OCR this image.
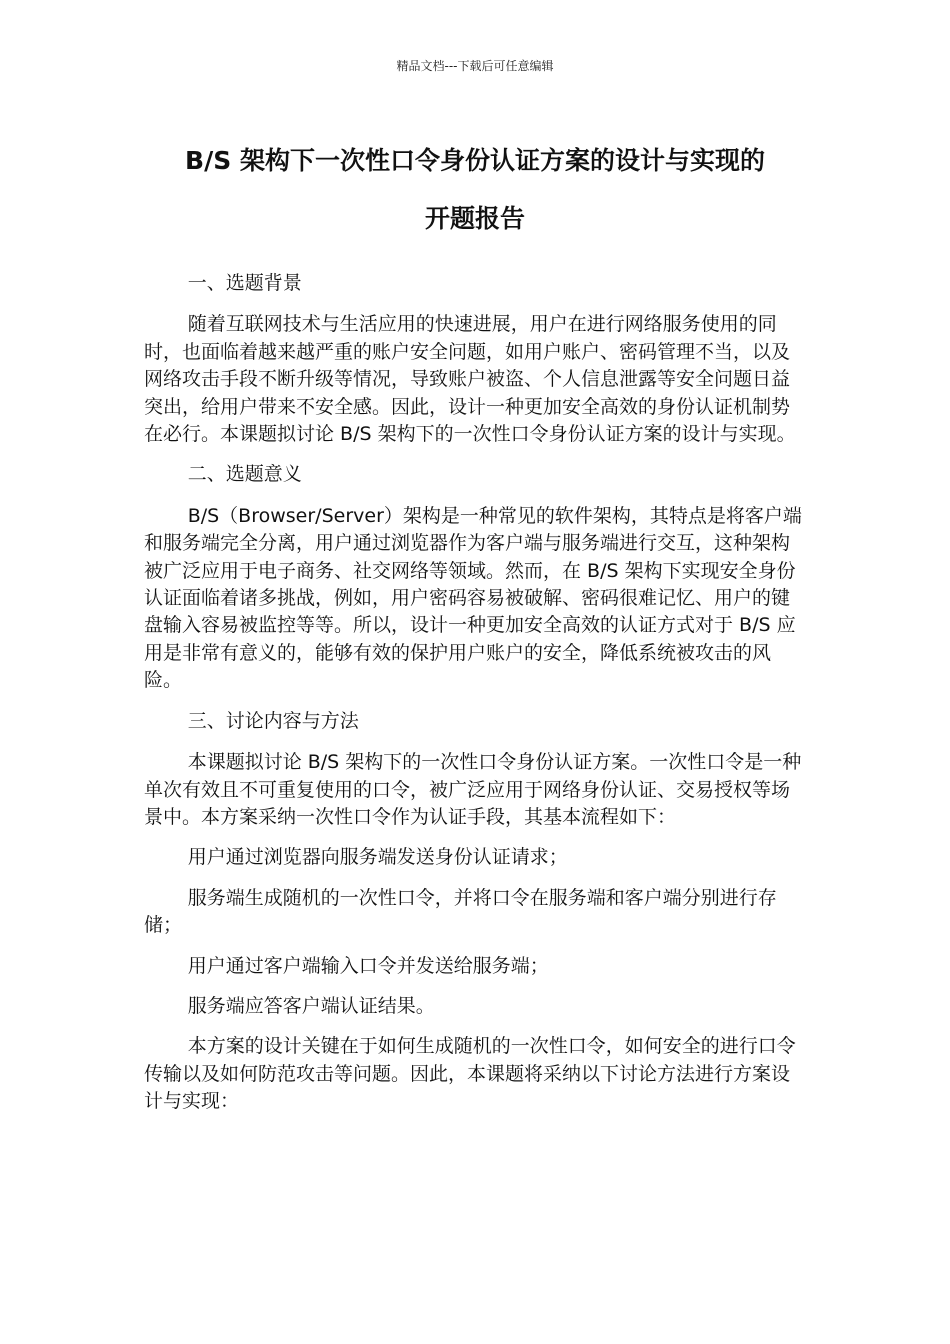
精品文档---下载后可任意编辑
B/S 架构下一次性口令身份认证方案的设计与实现的
开题报告

一、选题背景

随着互联网技术与生活应用的快速进展，用户在进行网络服务使用的同时，也面临着越来越严重的账户安全问题，如用户账户、密码管理不当，以及网络攻击手段不断升级等情况，导致账户被盗、个人信息泄露等安全问题日益突出，给用户带来不安全感。因此，设计一种更加安全高效的身份认证机制势在必行。本课题拟讨论 B/S 架构下的一次性口令身份认证方案的设计与实现。

二、选题意义

B/S（Browser/Server）架构是一种常见的软件架构，其特点是将客户端和服务端完全分离，用户通过浏览器作为客户端与服务端进行交互，这种架构被广泛应用于电子商务、社交网络等领域。然而，在 B/S 架构下实现安全身份认证面临着诸多挑战，例如，用户密码容易被破解、密码很难记忆、用户的键盘输入容易被监控等等。所以，设计一种更加安全高效的认证方式对于 B/S 应用是非常有意义的，能够有效的保护用户账户的安全，降低系统被攻击的风险。

三、讨论内容与方法

本课题拟讨论 B/S 架构下的一次性口令身份认证方案。一次性口令是一种单次有效且不可重复使用的口令，被广泛应用于网络身份认证、交易授权等场景中。本方案采纳一次性口令作为认证手段，其基本流程如下：

用户通过浏览器向服务端发送身份认证请求；

服务端生成随机的一次性口令，并将口令在服务端和客户端分别进行存储；

用户通过客户端输入口令并发送给服务端；

服务端应答客户端认证结果。

本方案的设计关键在于如何生成随机的一次性口令，如何安全的进行口令传输以及如何防范攻击等问题。因此，本课题将采纳以下讨论方法进行方案设计与实现：
